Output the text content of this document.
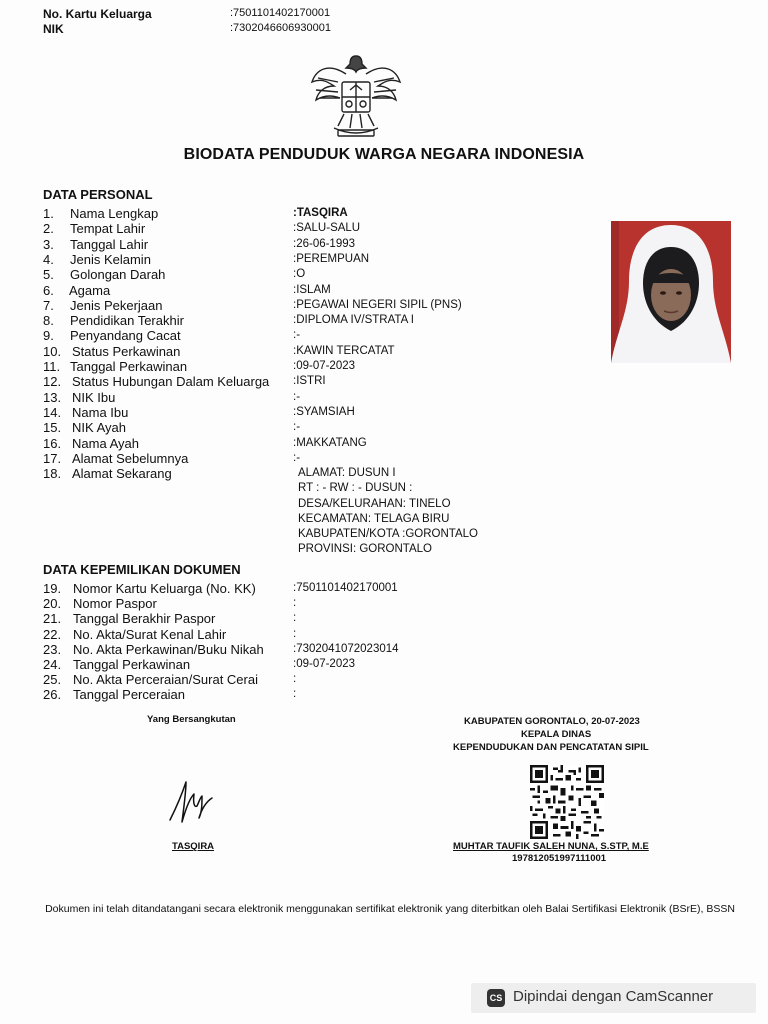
No. Kartu Keluarga	:7501101402170001
NIK	:7302046606930001
BIODATA PENDUDUK WARGA NEGARA INDONESIA
DATA PERSONAL
1.	Nama Lengkap	:TASQIRA
2.	Tempat Lahir	:SALU-SALU
3.	Tanggal Lahir	:26-06-1993
4.	Jenis Kelamin	:PEREMPUAN
5.	Golongan Darah	:O
6.	Agama	:ISLAM
7.	Jenis Pekerjaan	:PEGAWAI NEGERI SIPIL (PNS)
8.	Pendidikan Terakhir	:DIPLOMA IV/STRATA I
9.	Penyandang Cacat	:-
10. Status Perkawinan	:KAWIN TERCATAT
11. Tanggal Perkawinan	:09-07-2023
12. Status Hubungan Dalam Keluarga :ISTRI
13. NIK Ibu	:-
14. Nama Ibu	:SYAMSIAH
15. NIK Ayah	:-
16. Nama Ayah	:MAKKATANG
17. Alamat Sebelumnya	:-
18. Alamat Sekarang	ALAMAT: DUSUN I
RT : - RW : - DUSUN :
DESA/KELURAHAN: TINELO
KECAMATAN: TELAGA BIRU
KABUPATEN/KOTA :GORONTALO
PROVINSI: GORONTALO
DATA KEPEMILIKAN DOKUMEN
19. Nomor Kartu Keluarga (No. KK)	:7501101402170001
20. Nomor Paspor	:
21. Tanggal Berakhir Paspor	:
22. No. Akta/Surat Kenal Lahir	:
23. No. Akta Perkawinan/Buku Nikah	:7302041072023014
24. Tanggal Perkawinan	:09-07-2023
25. No. Akta Perceraian/Surat Cerai	:
26. Tanggal Perceraian	:
Yang Bersangkutan
TASQIRA
KABUPATEN GORONTALO, 20-07-2023
KEPALA DINAS
KEPENDUDUKAN DAN PENCATATAN SIPIL
MUHTAR TAUFIK SALEH NUNA, S.STP, M.E
197812051997111001
Dokumen ini telah ditandatangani secara elektronik menggunakan sertifikat elektronik yang diterbitkan oleh Balai Sertifikasi Elektronik (BSrE), BSSN
CS Dipindai dengan CamScanner
